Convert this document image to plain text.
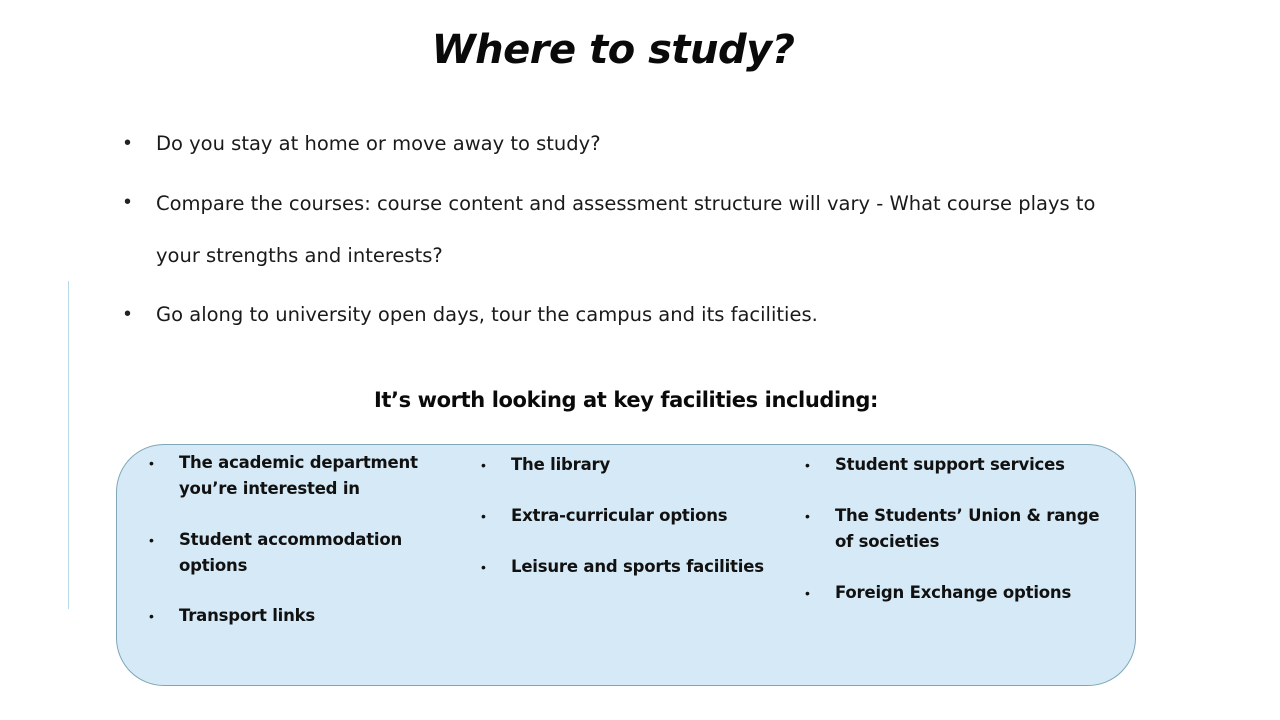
Where to study?
• Do you stay at home or move away to study?
• Compare the courses: course content and assessment structure will vary - What course plays to your strengths and interests?
• Go along to university open days, tour the campus and its facilities.
It’s worth looking at key facilities including:
• The academic department you’re interested in
• Student accommodation options
• Transport links
• The library
• Extra-curricular options
• Leisure and sports facilities
• Student support services
• The Students’ Union & range of societies
• Foreign Exchange options
